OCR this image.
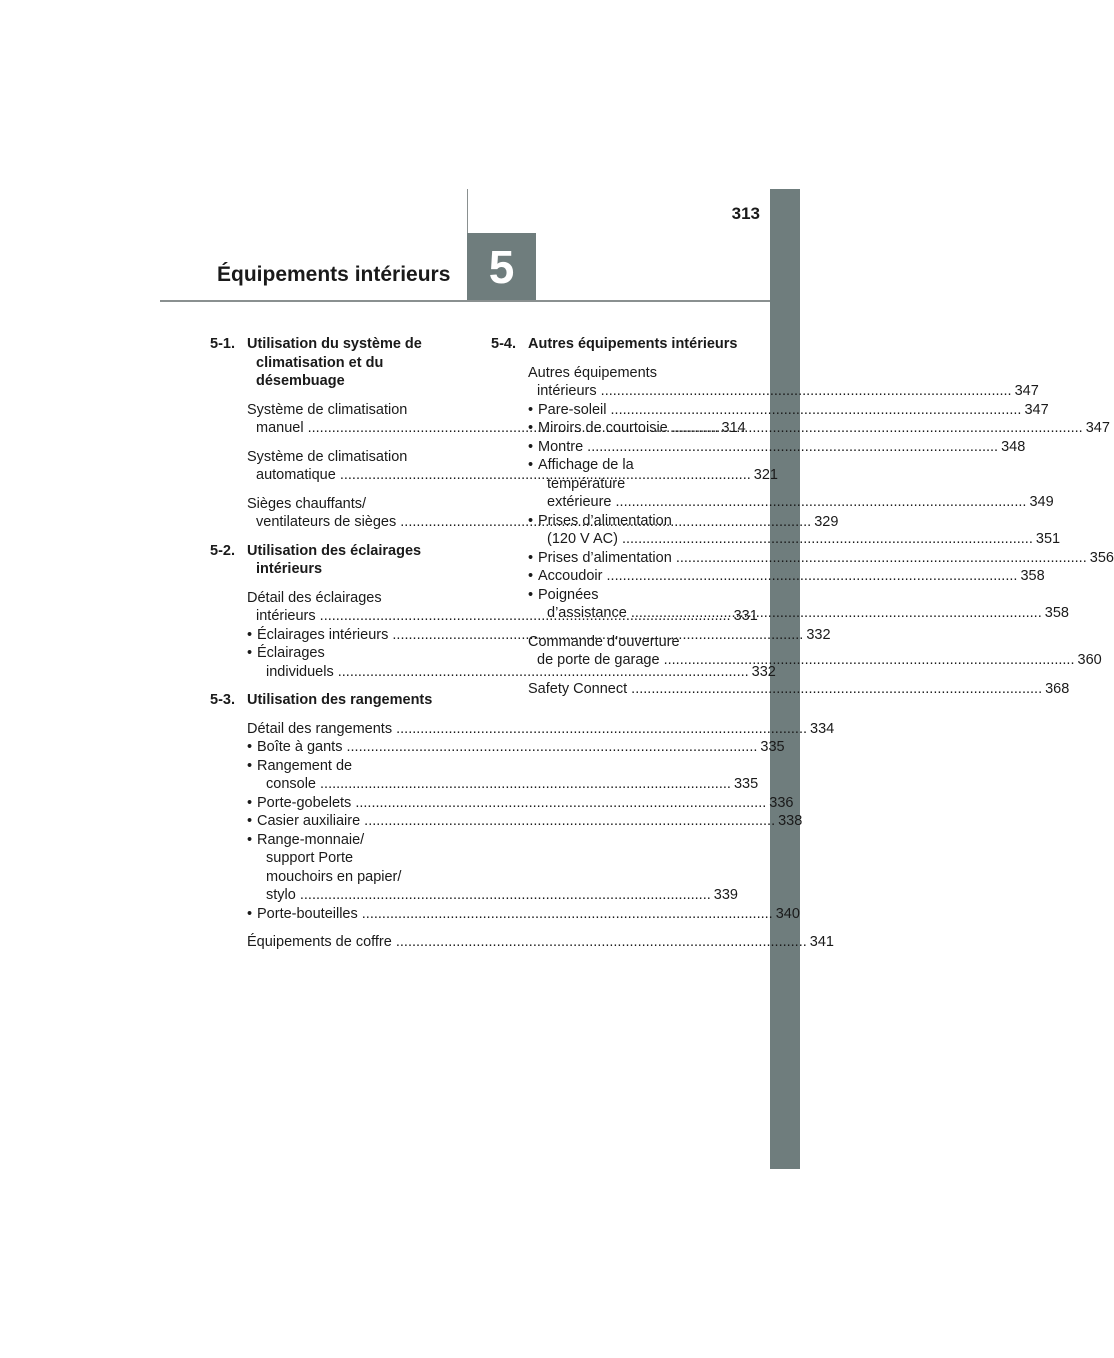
313
5
Équipements intérieurs
5-1. Utilisation du système de climatisation et du désembuage
Système de climatisation
manuel .....	314
Système de climatisation
automatique .....	321
Sièges chauffants/
ventilateurs de sièges .....	329
5-2. Utilisation des éclairages intérieurs
Détail des éclairages
intérieurs .....	331
• Éclairages intérieurs .....	332
• Éclairages
individuels .....	332
5-3. Utilisation des rangements
Détail des rangements .....	334
• Boîte à gants .....	335
• Rangement de
console .....	335
• Porte-gobelets .....	336
• Casier auxiliaire .....	338
• Range-monnaie/
support Porte
mouchoirs en papier/
stylo .....	339
• Porte-bouteilles .....	340
Équipements de coffre .....	341
5-4. Autres équipements intérieurs
Autres équipements
intérieurs .....	347
• Pare-soleil .....	347
• Miroirs de courtoisie .....	347
• Montre .....	348
• Affichage de la
température
extérieure .....	349
• Prises d’alimentation
(120 V AC) .....	351
• Prises d’alimentation .....	356
• Accoudoir .....	358
• Poignées
d’assistance .....	358
Commande d’ouverture
de porte de garage .....	360
Safety Connect .....	368
